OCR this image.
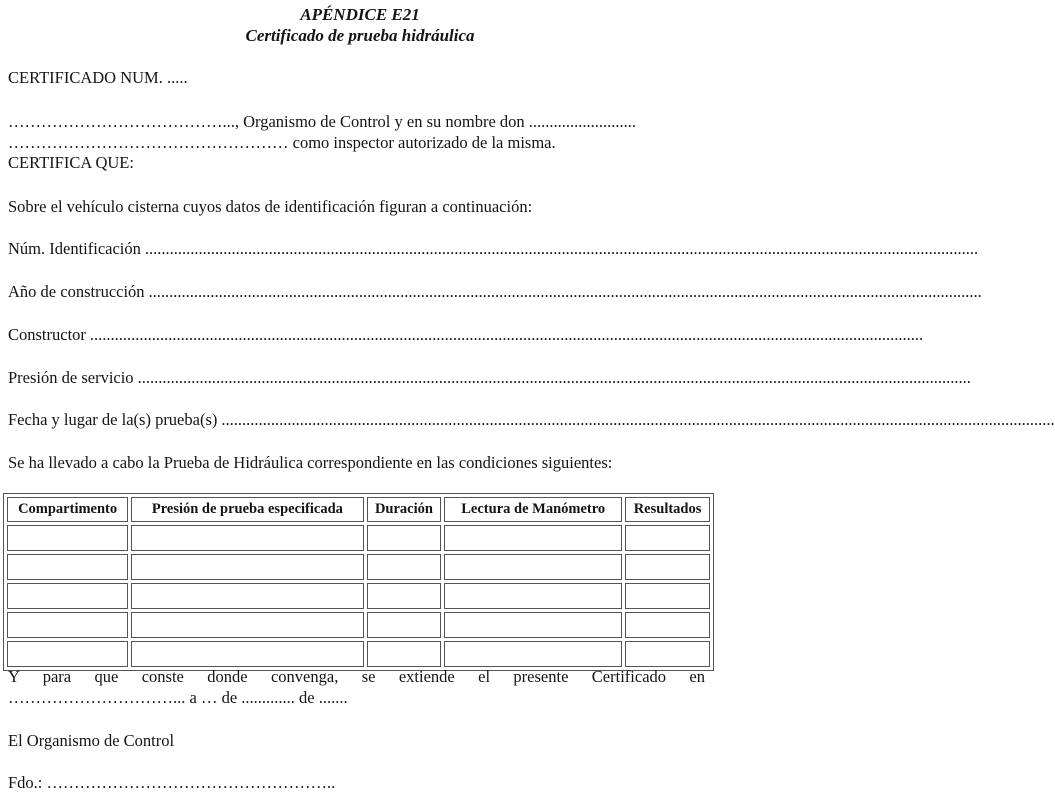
APÉNDICE E21
Certificado de prueba hidráulica
CERTIFICADO NUM. .....
…………………………………..., Organismo de Control y en su nombre don ..........................
…………………………………………… como inspector autorizado de la misma.
CERTIFICA QUE:
Sobre el vehículo cisterna cuyos datos de identificación figuran a continuación:
Núm. Identificación ..........................................................................................................................................................................................................
Año de construcción ..........................................................................................................................................................................................................
Constructor ..........................................................................................................................................................................................................
Presión de servicio ..........................................................................................................................................................................................................
Fecha y lugar de la(s) prueba(s) ..........................................................................................................................................................................................................
Se ha llevado a cabo la Prueba de Hidráulica correspondiente en las condiciones siguientes:
Compartimento	Presión de prueba especificada	Duración	Lectura de Manómetro	Resultados

Y para que conste donde convenga, se extiende el presente Certificado en
…………………………... a … de ............. de .......
El Organismo de Control
Fdo.: ……………………………………………..
